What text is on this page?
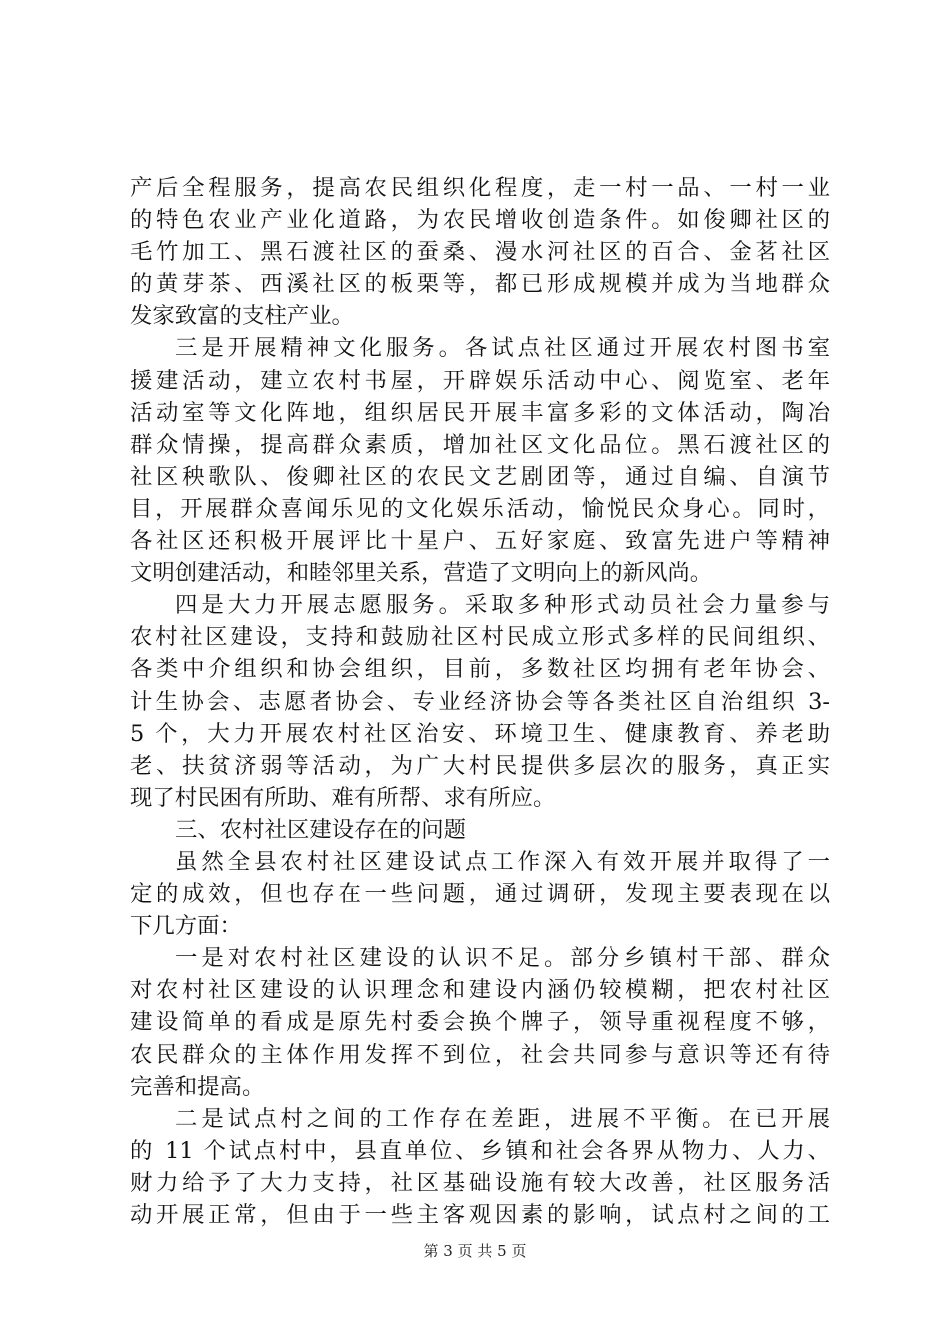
产后全程服务，提高农民组织化程度，走一村一品、一村一业
的特色农业产业化道路，为农民增收创造条件。如俊卿社区的
毛竹加工、黑石渡社区的蚕桑、漫水河社区的百合、金茗社区
的黄芽茶、西溪社区的板栗等，都已形成规模并成为当地群众
发家致富的支柱产业。
三是开展精神文化服务。各试点社区通过开展农村图书室
援建活动，建立农村书屋，开辟娱乐活动中心、阅览室、老年
活动室等文化阵地，组织居民开展丰富多彩的文体活动，陶冶
群众情操，提高群众素质，增加社区文化品位。黑石渡社区的
社区秧歌队、俊卿社区的农民文艺剧团等，通过自编、自演节
目，开展群众喜闻乐见的文化娱乐活动，愉悦民众身心。同时，
各社区还积极开展评比十星户、五好家庭、致富先进户等精神
文明创建活动，和睦邻里关系，营造了文明向上的新风尚。
四是大力开展志愿服务。采取多种形式动员社会力量参与
农村社区建设，支持和鼓励社区村民成立形式多样的民间组织、
各类中介组织和协会组织，目前，多数社区均拥有老年协会、
计生协会、志愿者协会、专业经济协会等各类社区自治组织 3-
5 个，大力开展农村社区治安、环境卫生、健康教育、养老助
老、扶贫济弱等活动，为广大村民提供多层次的服务，真正实
现了村民困有所助、难有所帮、求有所应。
三、农村社区建设存在的问题
虽然全县农村社区建设试点工作深入有效开展并取得了一
定的成效，但也存在一些问题，通过调研，发现主要表现在以
下几方面：
一是对农村社区建设的认识不足。部分乡镇村干部、群众
对农村社区建设的认识理念和建设内涵仍较模糊，把农村社区
建设简单的看成是原先村委会换个牌子，领导重视程度不够，
农民群众的主体作用发挥不到位，社会共同参与意识等还有待
完善和提高。
二是试点村之间的工作存在差距，进展不平衡。在已开展
的 11 个试点村中，县直单位、乡镇和社会各界从物力、人力、
财力给予了大力支持，社区基础设施有较大改善，社区服务活
动开展正常，但由于一些主客观因素的影响，试点村之间的工
第 3 页 共 5 页
